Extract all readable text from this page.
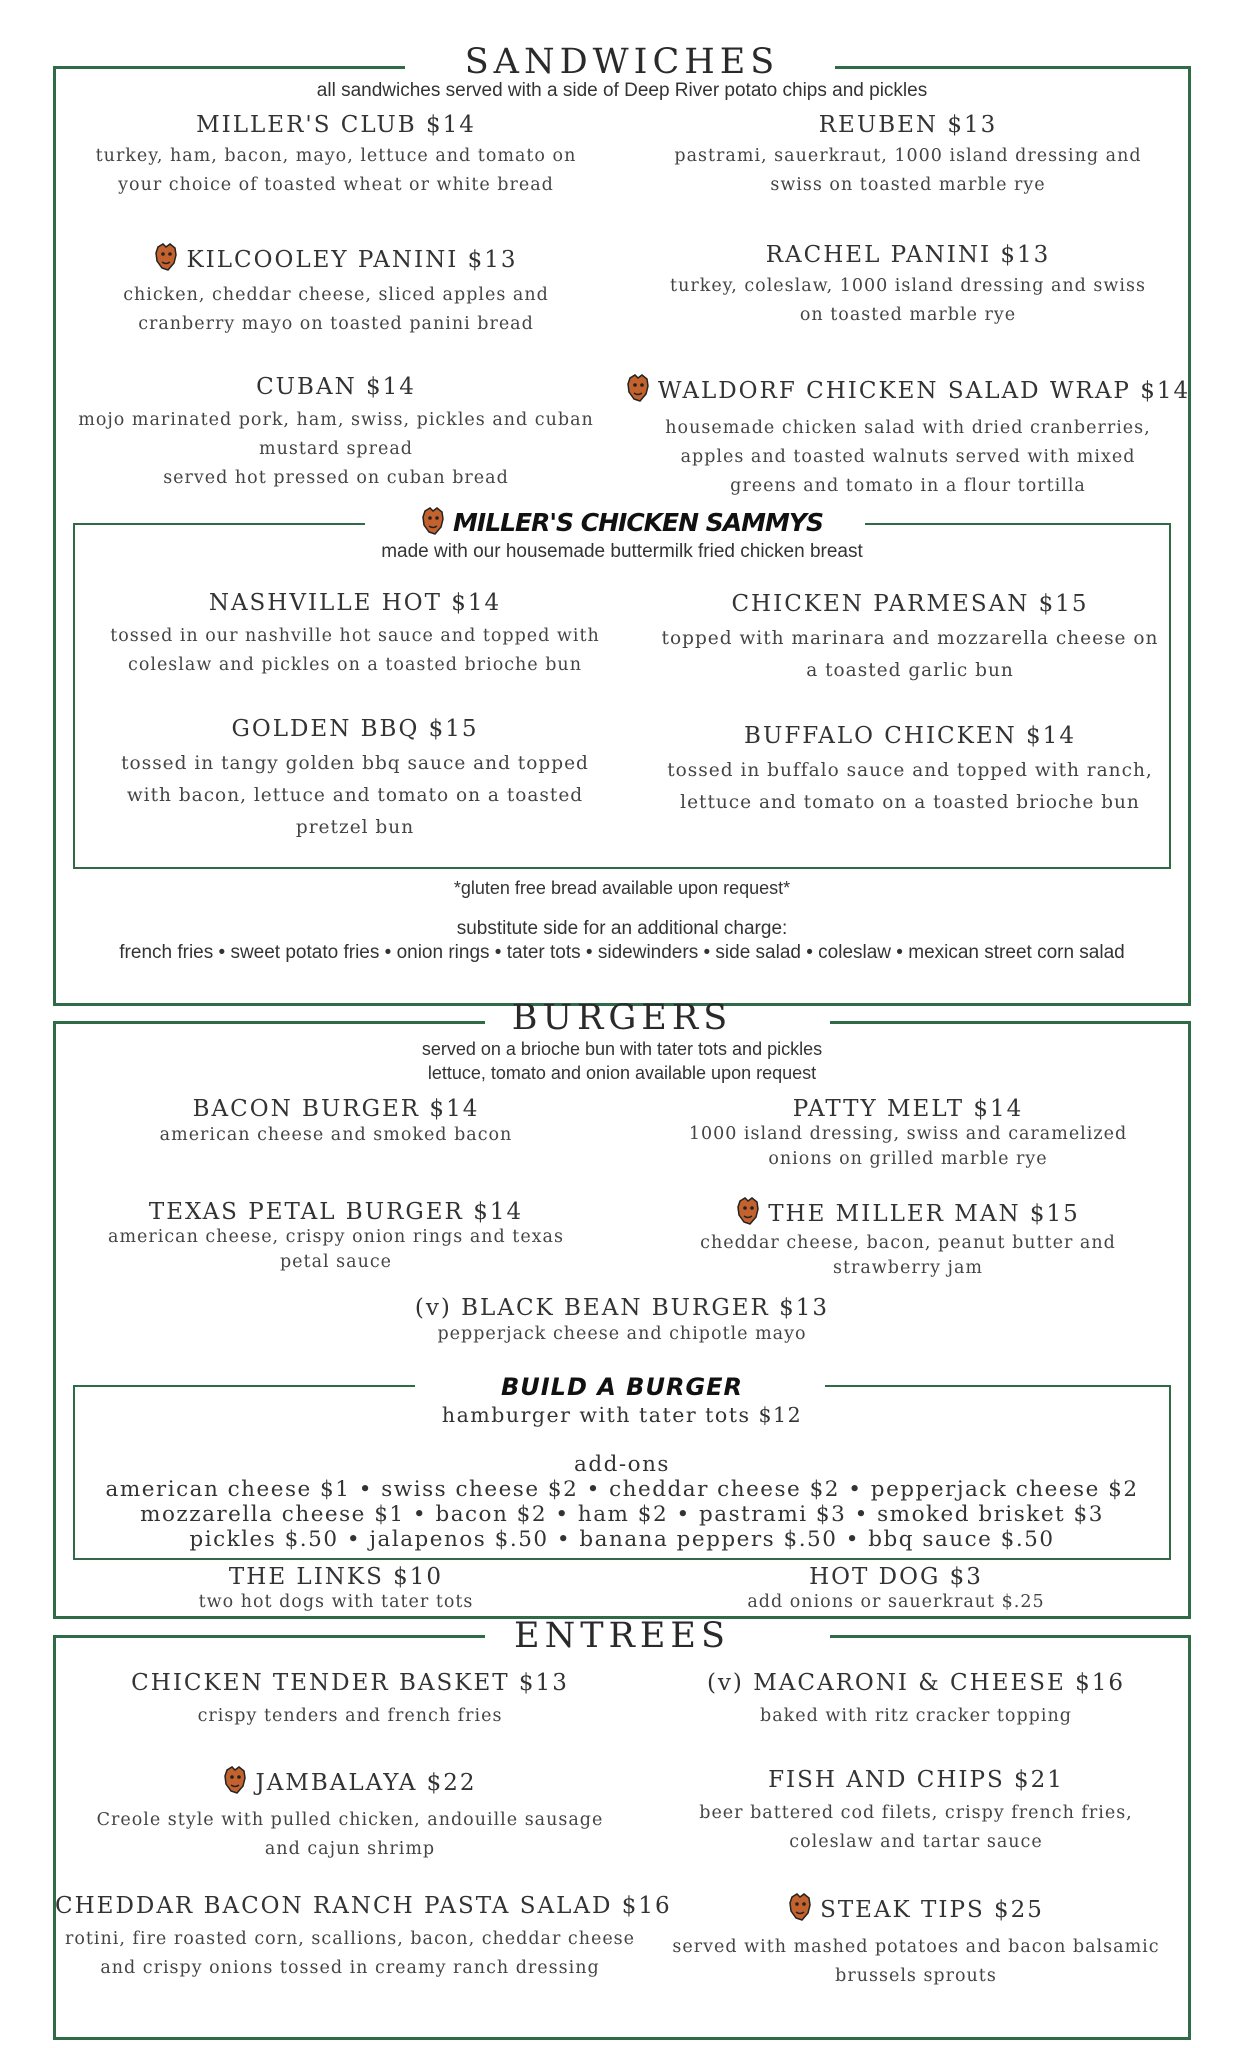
SANDWICHES
all sandwiches served with a side of Deep River potato chips and pickles
MILLER'S CLUB $14
turkey, ham, bacon, mayo, lettuce and tomato on
your choice of toasted wheat or white bread
REUBEN $13
pastrami, sauerkraut, 1000 island dressing and
swiss on toasted marble rye
KILCOOLEY PANINI $13
chicken, cheddar cheese, sliced apples and
cranberry mayo on toasted panini bread
RACHEL PANINI $13
turkey, coleslaw, 1000 island dressing and swiss
on toasted marble rye
CUBAN $14
mojo marinated pork, ham, swiss, pickles and cuban
mustard spread
served hot pressed on cuban bread
WALDORF CHICKEN SALAD WRAP $14
housemade chicken salad with dried cranberries,
apples and toasted walnuts served with mixed
greens and tomato in a flour tortilla
MILLER'S CHICKEN SAMMYS
made with our housemade buttermilk fried chicken breast
NASHVILLE HOT $14
tossed in our nashville hot sauce and topped with
coleslaw and pickles on a toasted brioche bun
CHICKEN PARMESAN $15
topped with marinara and mozzarella cheese on
a toasted garlic bun
GOLDEN BBQ $15
tossed in tangy golden bbq sauce and topped
with bacon, lettuce and tomato on a toasted
pretzel bun
BUFFALO CHICKEN $14
tossed in buffalo sauce and topped with ranch,
lettuce and tomato on a toasted brioche bun
*gluten free bread available upon request*
substitute side for an additional charge:
french fries • sweet potato fries • onion rings • tater tots • sidewinders • side salad • coleslaw • mexican street corn salad
BURGERS
served on a brioche bun with tater tots and pickles
lettuce, tomato and onion available upon request
BACON BURGER $14
american cheese and smoked bacon
PATTY MELT $14
1000 island dressing, swiss and caramelized
onions on grilled marble rye
TEXAS PETAL BURGER $14
american cheese, crispy onion rings and texas
petal sauce
THE MILLER MAN $15
cheddar cheese, bacon, peanut butter and
strawberry jam
(v) BLACK BEAN BURGER $13
pepperjack cheese and chipotle mayo
BUILD A BURGER
hamburger with tater tots $12
add-ons
american cheese $1 • swiss cheese $2 • cheddar cheese $2 • pepperjack cheese $2
mozzarella cheese $1 • bacon $2 • ham $2 • pastrami $3 • smoked brisket $3
pickles $.50 • jalapenos $.50 • banana peppers $.50 • bbq sauce $.50
THE LINKS $10
two hot dogs with tater tots
HOT DOG $3
add onions or sauerkraut $.25
ENTREES
CHICKEN TENDER BASKET $13
crispy tenders and french fries
(v) MACARONI & CHEESE $16
baked with ritz cracker topping
JAMBALAYA $22
Creole style with pulled chicken, andouille sausage
and cajun shrimp
FISH AND CHIPS $21
beer battered cod filets, crispy french fries,
coleslaw and tartar sauce
CHEDDAR BACON RANCH PASTA SALAD $16
rotini, fire roasted corn, scallions, bacon, cheddar cheese
and crispy onions tossed in creamy ranch dressing
STEAK TIPS $25
served with mashed potatoes and bacon balsamic
brussels sprouts
